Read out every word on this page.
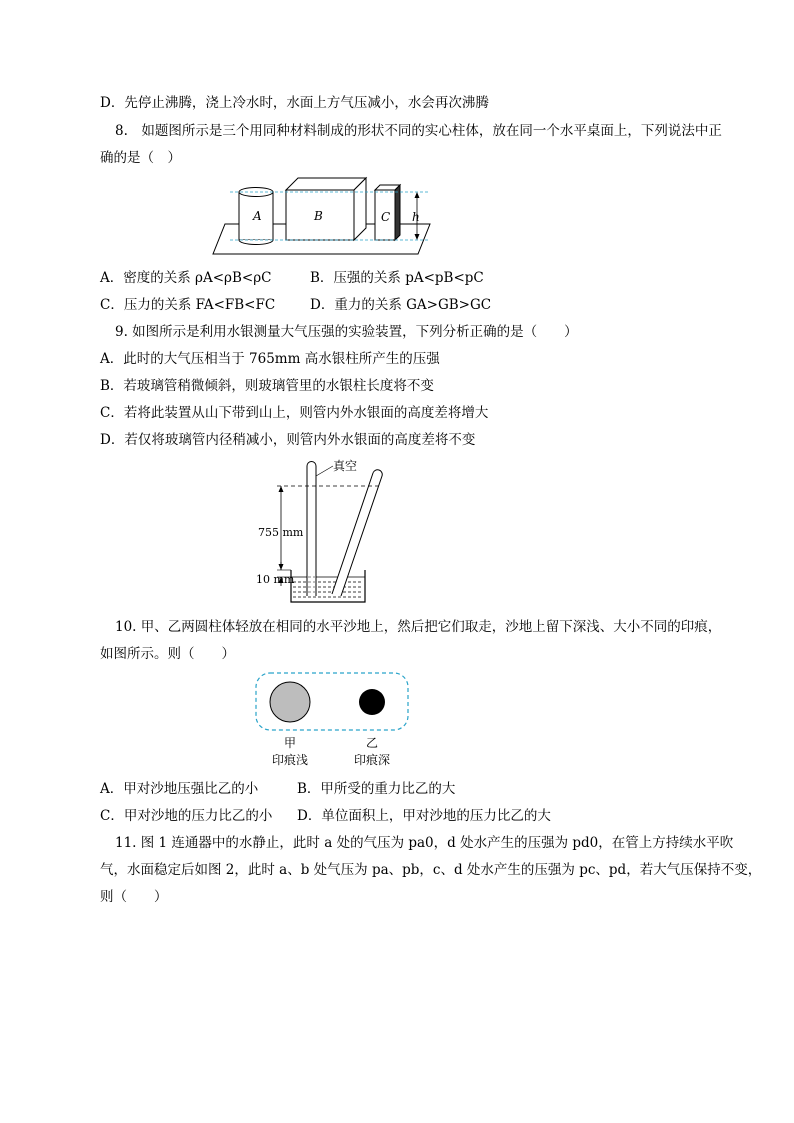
D．先停止沸腾，浇上冷水时，水面上方气压减小，水会再次沸腾
8.　如题图所示是三个用同种材料制成的形状不同的实心柱体，放在同一个水平桌面上，下列说法中正
确的是（　）
A	B	C h
A．密度的关系 ρA<ρB<ρC	B．压强的关系 pA<pB<pC
C．压力的关系 FA<FB<FC	D．重力的关系 GA>GB>GC
9. 如图所示是利用水银测量大气压强的实验装置，下列分析正确的是（　　）
A．此时的大气压相当于 765mm 高水银柱所产生的压强
B．若玻璃管稍微倾斜，则玻璃管里的水银柱长度将不变
C．若将此装置从山下带到山上，则管内外水银面的高度差将增大
D．若仅将玻璃管内径稍减小，则管内外水银面的高度差将不变
真空
755 mm
10 mm
10. 甲、乙两圆柱体轻放在相同的水平沙地上，然后把它们取走，沙地上留下深浅、大小不同的印痕，
如图所示。则（　　）
甲
印痕浅
乙
印痕深
A．甲对沙地压强比乙的小	B．甲所受的重力比乙的大
C．甲对沙地的压力比乙的小 D．单位面积上，甲对沙地的压力比乙的大
11. 图 1 连通器中的水静止，此时 a 处的气压为 pa0，d 处水产生的压强为 pd0，在管上方持续水平吹
气，水面稳定后如图 2，此时 a、b 处气压为 pa、pb，c、d 处水产生的压强为 pc、pd，若大气压保持不变，
则（　　）
